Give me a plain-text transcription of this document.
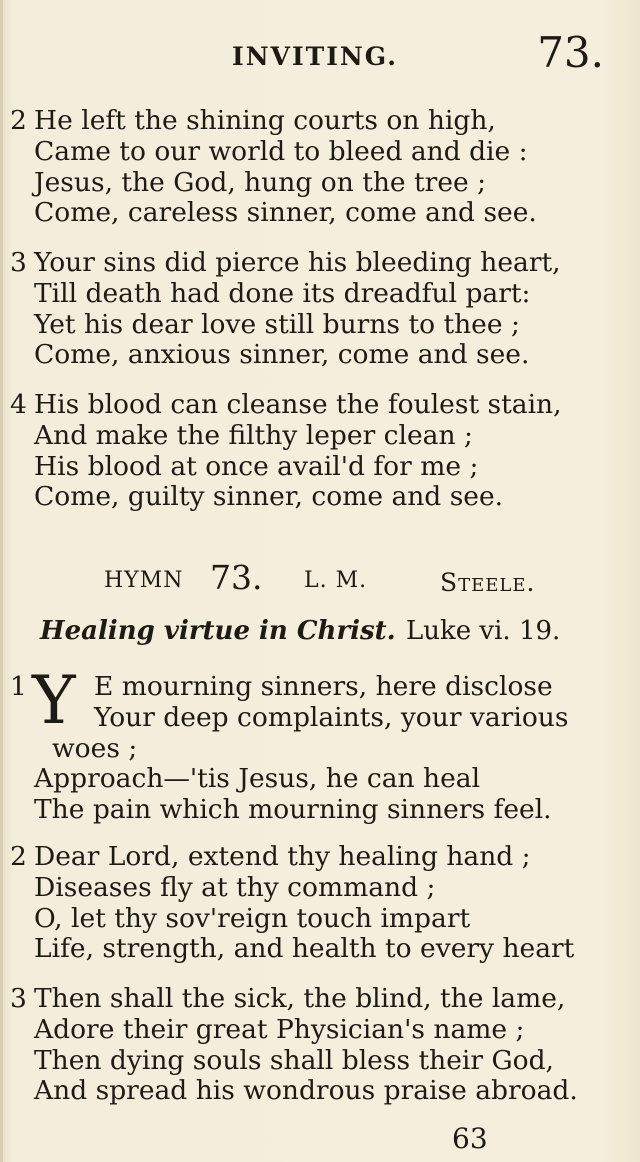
INVITING.	73.
2 He left the shining courts on high,
Came to our world to bleed and die :
Jesus, the God, hung on the tree ;
Come, careless sinner, come and see.
3 Your sins did pierce his bleeding heart,
Till death had done its dreadful part:
Yet his dear love still burns to thee ;
Come, anxious sinner, come and see.
4 His blood can cleanse the foulest stain,
And make the filthy leper clean ;
His blood at once avail'd for me ;
Come, guilty sinner, come and see.
HYMN 73. L. M.	Steele.
Healing virtue in Christ. Luke vi. 19.
1 Y E mourning sinners, here disclose
Your deep complaints, your various
woes ;
Approach—'tis Jesus, he can heal
The pain which mourning sinners feel.
2 Dear Lord, extend thy healing hand ;
Diseases fly at thy command ;
O, let thy sov'reign touch impart
Life, strength, and health to every heart
3 Then shall the sick, the blind, the lame,
Adore their great Physician's name ;
Then dying souls shall bless their God,
And spread his wondrous praise abroad.
63
